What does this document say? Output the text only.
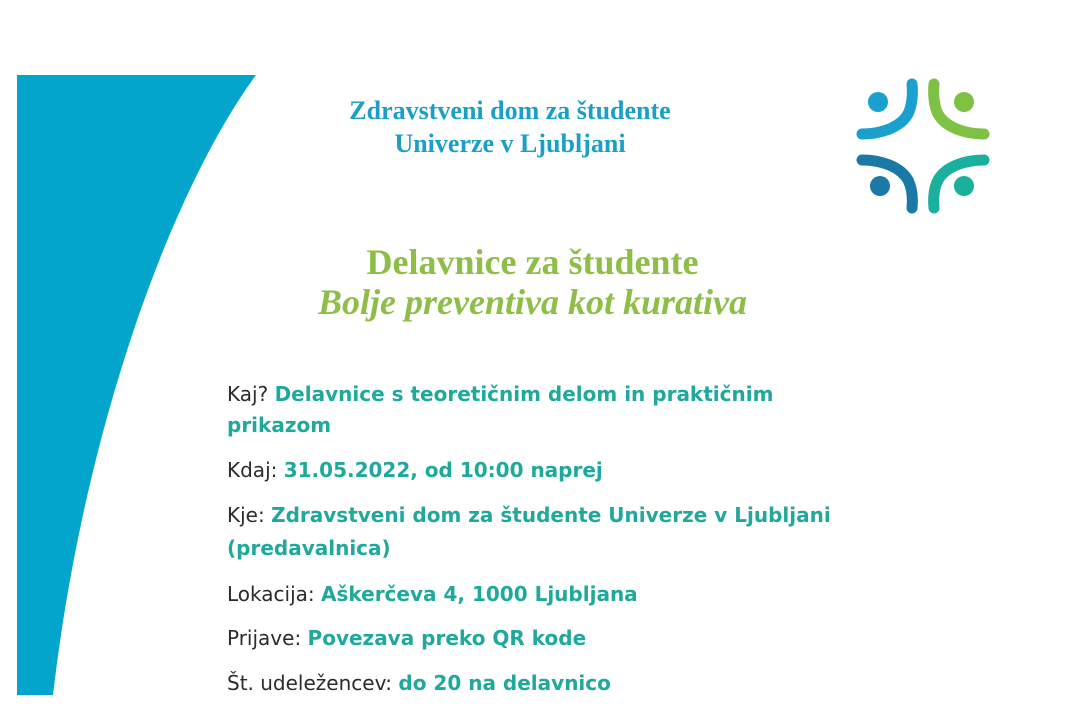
Zdravstveni dom za študente
Univerze v Ljubljani
Delavnice za študente
Bolje preventiva kot kurativa
Kaj? Delavnice s teoretičnim delom in praktičnim prikazom
Kdaj: 31.05.2022, od 10:00 naprej
Kje: Zdravstveni dom za študente Univerze v Ljubljani (predavalnica)
Lokacija: Aškerčeva 4, 1000 Ljubljana
Prijave: Povezava preko QR kode
Št. udeležencev: do 20 na delavnico
